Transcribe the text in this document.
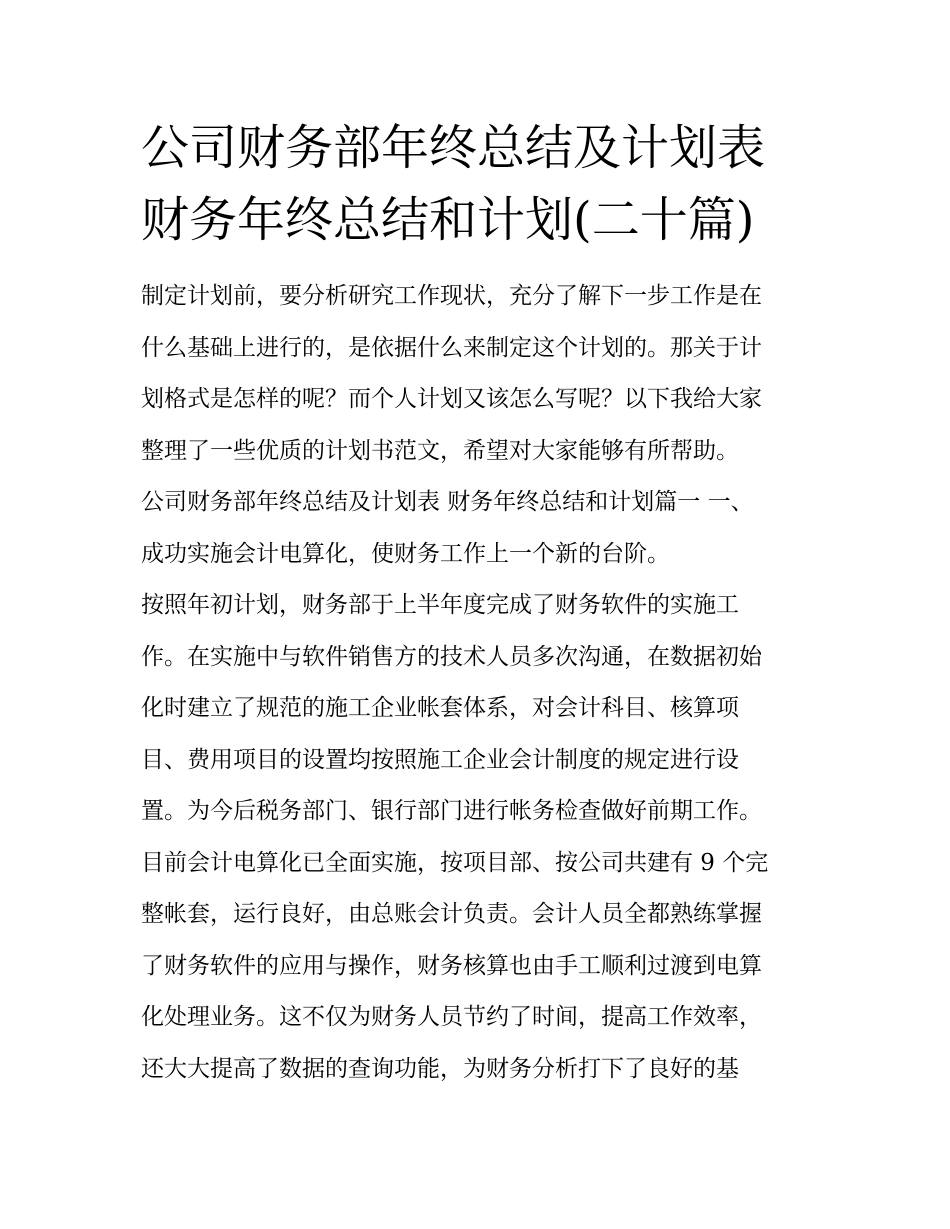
公司财务部年终总结及计划表
财务年终总结和计划(二十篇)
制定计划前，要分析研究工作现状，充分了解下一步工作是在
什么基础上进行的，是依据什么来制定这个计划的。那关于计
划格式是怎样的呢？而个人计划又该怎么写呢？以下我给大家
整理了一些优质的计划书范文，希望对大家能够有所帮助。
公司财务部年终总结及计划表 财务年终总结和计划篇一 一、
成功实施会计电算化，使财务工作上一个新的台阶。
按照年初计划，财务部于上半年度完成了财务软件的实施工
作。在实施中与软件销售方的技术人员多次沟通，在数据初始
化时建立了规范的施工企业帐套体系，对会计科目、核算项
目、费用项目的设置均按照施工企业会计制度的规定进行设
置。为今后税务部门、银行部门进行帐务检查做好前期工作。
目前会计电算化已全面实施，按项目部、按公司共建有 9 个完
整帐套，运行良好，由总账会计负责。会计人员全都熟练掌握
了财务软件的应用与操作，财务核算也由手工顺利过渡到电算
化处理业务。这不仅为财务人员节约了时间，提高工作效率，
还大大提高了数据的查询功能，为财务分析打下了良好的基
